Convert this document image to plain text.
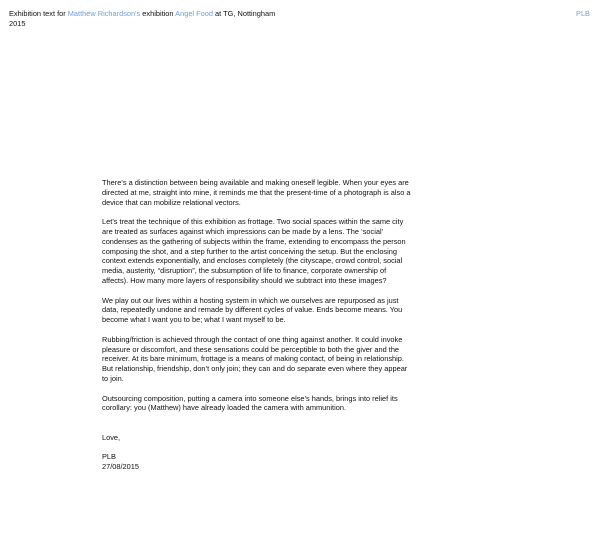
Exhibition text for Matthew Richardson's exhibition Angel Food at TG, Nottingham
2015
PLB

There’s a distinction between being available and making oneself legible. When your eyes are directed at me, straight into mine, it reminds me that the present-time of a photograph is also a device that can mobilize relational vectors.

Let’s treat the technique of this exhibition as frottage. Two social spaces within the same city are treated as surfaces against which impressions can be made by a lens. The ‘social’ condenses as the gathering of subjects within the frame, extending to encompass the person composing the shot, and a step further to the artist conceiving the setup. But the enclosing context extends exponentially, and encloses completely (the cityscape, crowd control, social media, austerity, “disruption”, the subsumption of life to finance, corporate ownership of affects). How many more layers of responsibility should we subtract into these images?

We play out our lives within a hosting system in which we ourselves are repurposed as just data, repeatedly undone and remade by different cycles of value. Ends become means. You become what I want you to be; what I want myself to be.

Rubbing/friction is achieved through the contact of one thing against another. It could invoke pleasure or discomfort, and these sensations could be perceptible to both the giver and the receiver. At its bare minimum, frottage is a means of making contact, of being in relationship. But relationship, friendship, don’t only join; they can and do separate even where they appear to join.

Outsourcing composition, putting a camera into someone else’s hands, brings into relief its corollary: you (Matthew) have already loaded the camera with ammunition.

Love,

PLB
27/08/2015
